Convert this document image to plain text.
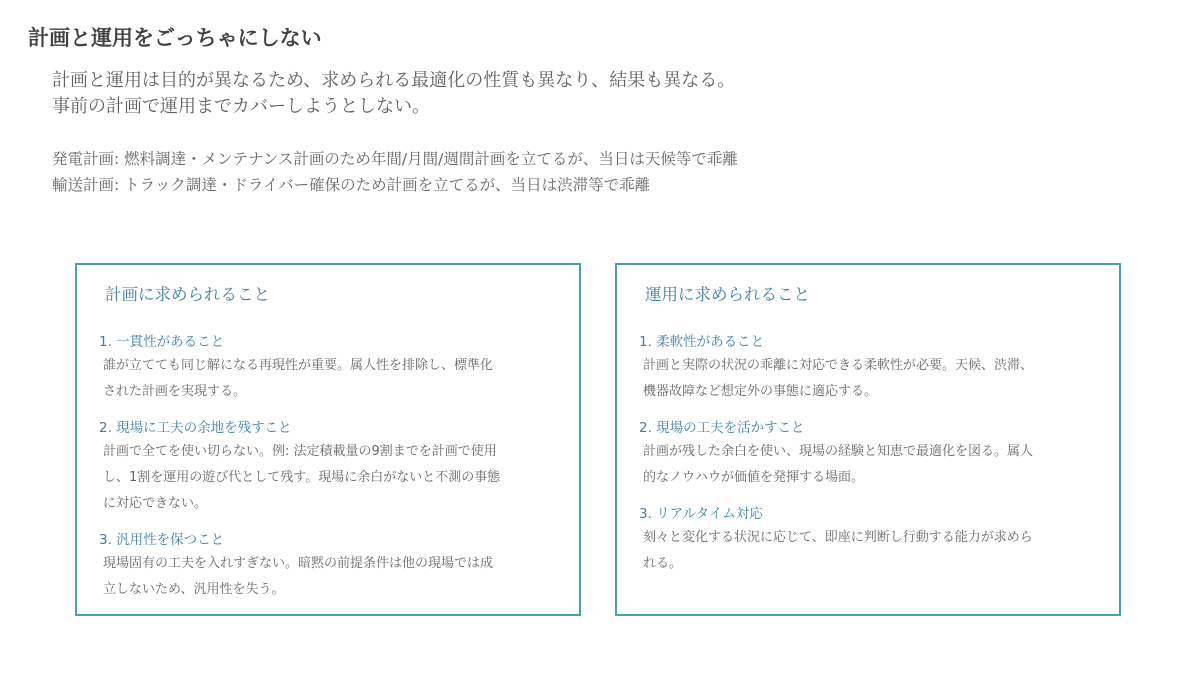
計画と運用をごっちゃにしない

計画と運用は目的が異なるため、求められる最適化の性質も異なり、結果も異なる。

事前の計画で運用までカバーしようとしない。

発電計画: 燃料調達・メンテナンス計画のため年間/月間/週間計画を立てるが、当日は天候等で乖離

輸送計画: トラック調達・ドライバー確保のため計画を立てるが、当日は渋滞等で乖離

計画に求められること

1. 一貫性があること

誰が立てても同じ解になる再現性が重要。属人性を排除し、標準化

された計画を実現する。

2. 現場に工夫の余地を残すこと

計画で全てを使い切らない。例: 法定積載量の9割までを計画で使用

し、1割を運用の遊び代として残す。現場に余白がないと不測の事態

に対応できない。

3. 汎用性を保つこと

現場固有の工夫を入れすぎない。暗黙の前提条件は他の現場では成

立しないため、汎用性を失う。

運用に求められること

1. 柔軟性があること

計画と実際の状況の乖離に対応できる柔軟性が必要。天候、渋滞、

機器故障など想定外の事態に適応する。

2. 現場の工夫を活かすこと

計画が残した余白を使い、現場の経験と知恵で最適化を図る。属人

的なノウハウが価値を発揮する場面。

3. リアルタイム対応

刻々と変化する状況に応じて、即座に判断し行動する能力が求めら

れる。
